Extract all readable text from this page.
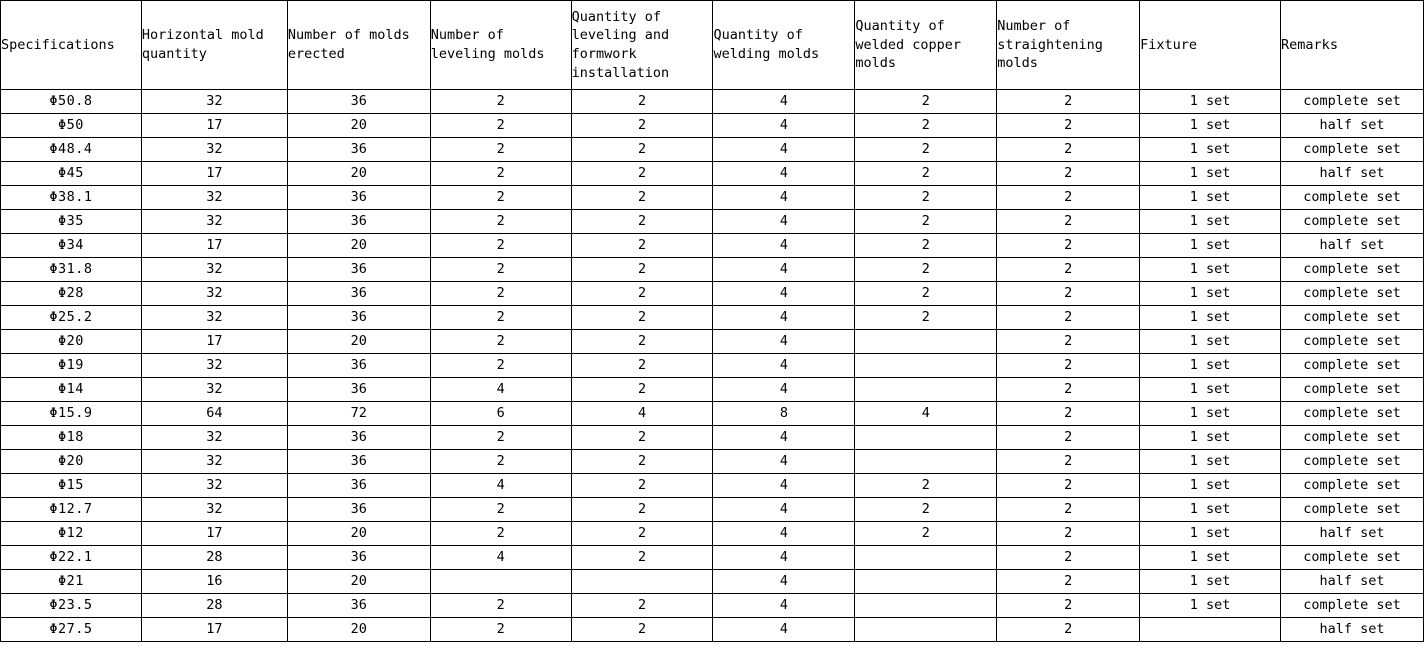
Specifications	Horizontal mold quantity	Number of molds erected	Number of leveling molds	Quantity of leveling and formwork installation	Quantity of welding molds	Quantity of welded copper molds	Number of straightening molds	Fixture	Remarks
Φ50.8	32	36	2	2	4	2	2	1 set	complete set
Φ50	17	20	2	2	4	2	2	1 set	half set
Φ48.4	32	36	2	2	4	2	2	1 set	complete set
Φ45	17	20	2	2	4	2	2	1 set	half set
Φ38.1	32	36	2	2	4	2	2	1 set	complete set
Φ35	32	36	2	2	4	2	2	1 set	complete set
Φ34	17	20	2	2	4	2	2	1 set	half set
Φ31.8	32	36	2	2	4	2	2	1 set	complete set
Φ28	32	36	2	2	4	2	2	1 set	complete set
Φ25.2	32	36	2	2	4	2	2	1 set	complete set
Φ20	17	20	2	2	4		2	1 set	complete set
Φ19	32	36	2	2	4		2	1 set	complete set
Φ14	32	36	4	2	4		2	1 set	complete set
Φ15.9	64	72	6	4	8	4	2	1 set	complete set
Φ18	32	36	2	2	4		2	1 set	complete set
Φ20	32	36	2	2	4		2	1 set	complete set
Φ15	32	36	4	2	4	2	2	1 set	complete set
Φ12.7	32	36	2	2	4	2	2	1 set	complete set
Φ12	17	20	2	2	4	2	2	1 set	half set
Φ22.1	28	36	4	2	4		2	1 set	complete set
Φ21	16	20			4		2	1 set	half set
Φ23.5	28	36	2	2	4		2	1 set	complete set
Φ27.5	17	20	2	2	4		2		half set
